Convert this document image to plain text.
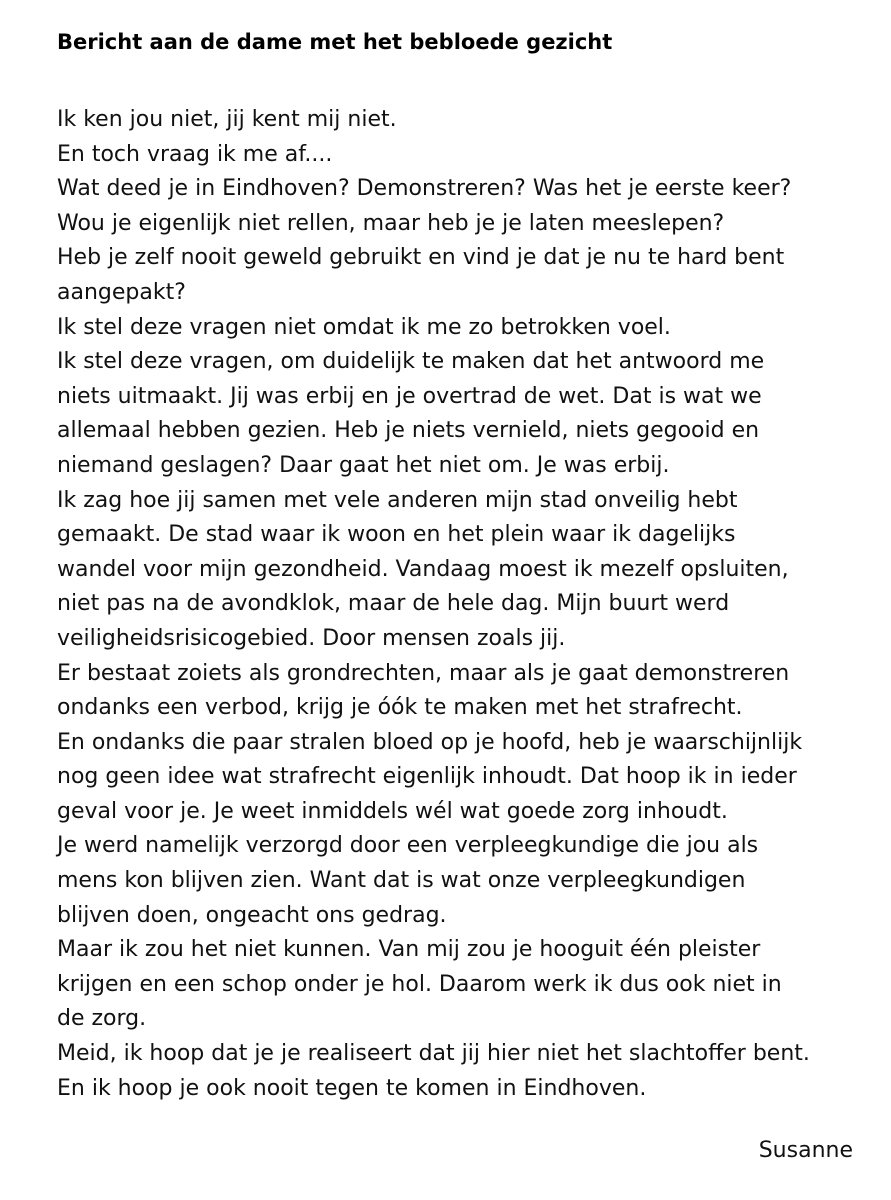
Bericht aan de dame met het bebloede gezicht
Ik ken jou niet, jij kent mij niet.
En toch vraag ik me af....
Wat deed je in Eindhoven? Demonstreren? Was het je eerste keer?
Wou je eigenlijk niet rellen, maar heb je je laten meeslepen?
Heb je zelf nooit geweld gebruikt en vind je dat je nu te hard bent
aangepakt?
Ik stel deze vragen niet omdat ik me zo betrokken voel.
Ik stel deze vragen, om duidelijk te maken dat het antwoord me
niets uitmaakt. Jij was erbij en je overtrad de wet. Dat is wat we
allemaal hebben gezien. Heb je niets vernield, niets gegooid en
niemand geslagen? Daar gaat het niet om. Je was erbij.
Ik zag hoe jij samen met vele anderen mijn stad onveilig hebt
gemaakt. De stad waar ik woon en het plein waar ik dagelijks
wandel voor mijn gezondheid. Vandaag moest ik mezelf opsluiten,
niet pas na de avondklok, maar de hele dag. Mijn buurt werd
veiligheidsrisicogebied. Door mensen zoals jij.
Er bestaat zoiets als grondrechten, maar als je gaat demonstreren
ondanks een verbod, krijg je óók te maken met het strafrecht.
En ondanks die paar stralen bloed op je hoofd, heb je waarschijnlijk
nog geen idee wat strafrecht eigenlijk inhoudt. Dat hoop ik in ieder
geval voor je. Je weet inmiddels wél wat goede zorg inhoudt.
Je werd namelijk verzorgd door een verpleegkundige die jou als
mens kon blijven zien. Want dat is wat onze verpleegkundigen
blijven doen, ongeacht ons gedrag.
Maar ik zou het niet kunnen. Van mij zou je hooguit één pleister
krijgen en een schop onder je hol. Daarom werk ik dus ook niet in
de zorg.
Meid, ik hoop dat je je realiseert dat jij hier niet het slachtoffer bent.
En ik hoop je ook nooit tegen te komen in Eindhoven.
Susanne
